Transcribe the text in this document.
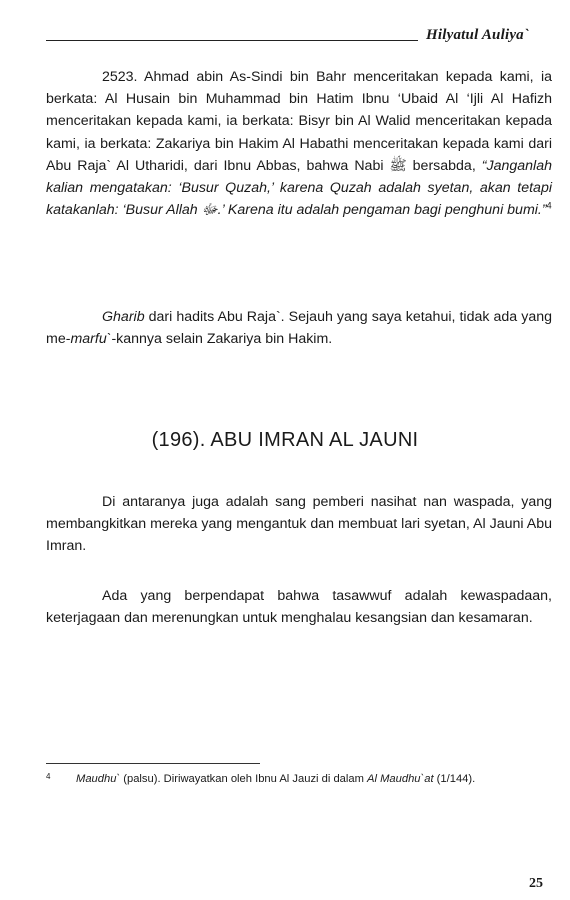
Hilyatul Auliya`

2523. Ahmad abin As-Sindi bin Bahr menceritakan kepada kami, ia berkata: Al Husain bin Muhammad bin Hatim Ibnu ‘Ubaid Al ‘Ijli Al Hafizh menceritakan kepada kami, ia berkata: Bisyr bin Al Walid menceritakan kepada kami, ia berkata: Zakariya bin Hakim Al Habathi menceritakan kepada kami dari Abu Raja` Al Utharidi, dari Ibnu Abbas, bahwa Nabi ﷺ bersabda, “Janganlah kalian mengatakan: ‘Busur Quzah,’ karena Quzah adalah syetan, akan tetapi katakanlah: ‘Busur Allah ﷻ.’ Karena itu adalah pengaman bagi penghuni bumi.”$^4$

Gharib dari hadits Abu Raja`. Sejauh yang saya ketahui, tidak ada yang me-marfu`-kannya selain Zakariya bin Hakim.

(196). ABU IMRAN AL JAUNI

Di antaranya juga adalah sang pemberi nasihat nan waspada, yang membangkitkan mereka yang mengantuk dan membuat lari syetan, Al Jauni Abu Imran.

Ada yang berpendapat bahwa tasawwuf adalah kewaspadaan, keterjagaan dan merenungkan untuk menghalau kesangsian dan kesamaran.

4	Maudhu` (palsu). Diriwayatkan oleh Ibnu Al Jauzi di dalam Al Maudhu`at (1/144).

25
